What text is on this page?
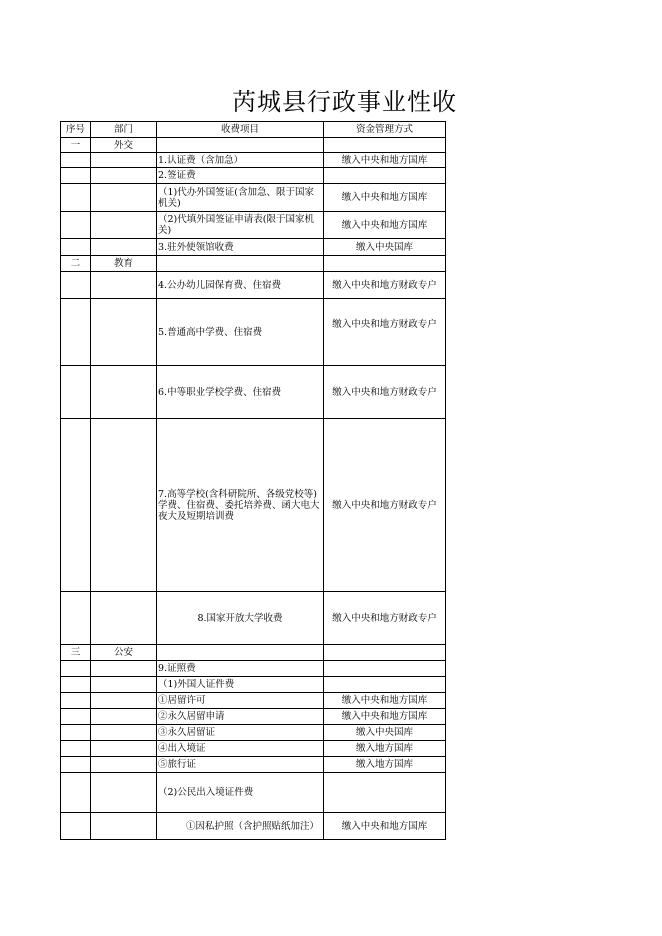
芮城县行政事业性收
序号	部门	收费项目	资金管理方式
一	外交		
		1.认证费（含加急）	缴入中央和地方国库
		2.签证费	
		（1)代办外国签证(含加急、限于国家机关)	缴入中央和地方国库
		（2)代填外国签证申请表(限于国家机关)	缴入中央和地方国库
		3.驻外使领馆收费	缴入中央国库
二	教育		
		4.公办幼儿园保育费、住宿费	缴入中央和地方财政专户
		5.普通高中学费、住宿费	缴入中央和地方财政专户
		6.中等职业学校学费、住宿费	缴入中央和地方财政专户
		7.高等学校(含科研院所、各级党校等)学费、住宿费、委托培养费、函大电大夜大及短期培训费	缴入中央和地方财政专户
		8.国家开放大学收费	缴入中央和地方财政专户
三	公安		
		9.证照费	
		（1)外国人证件费	
		①居留许可	缴入中央和地方国库
		②永久居留申请	缴入中央和地方国库
		③永久居留证	缴入中央国库
		④出入境证	缴入地方国库
		⑤旅行证	缴入地方国库
		（2)公民出入境证件费	
		①因私护照（含护照贴纸加注）	缴入中央和地方国库
